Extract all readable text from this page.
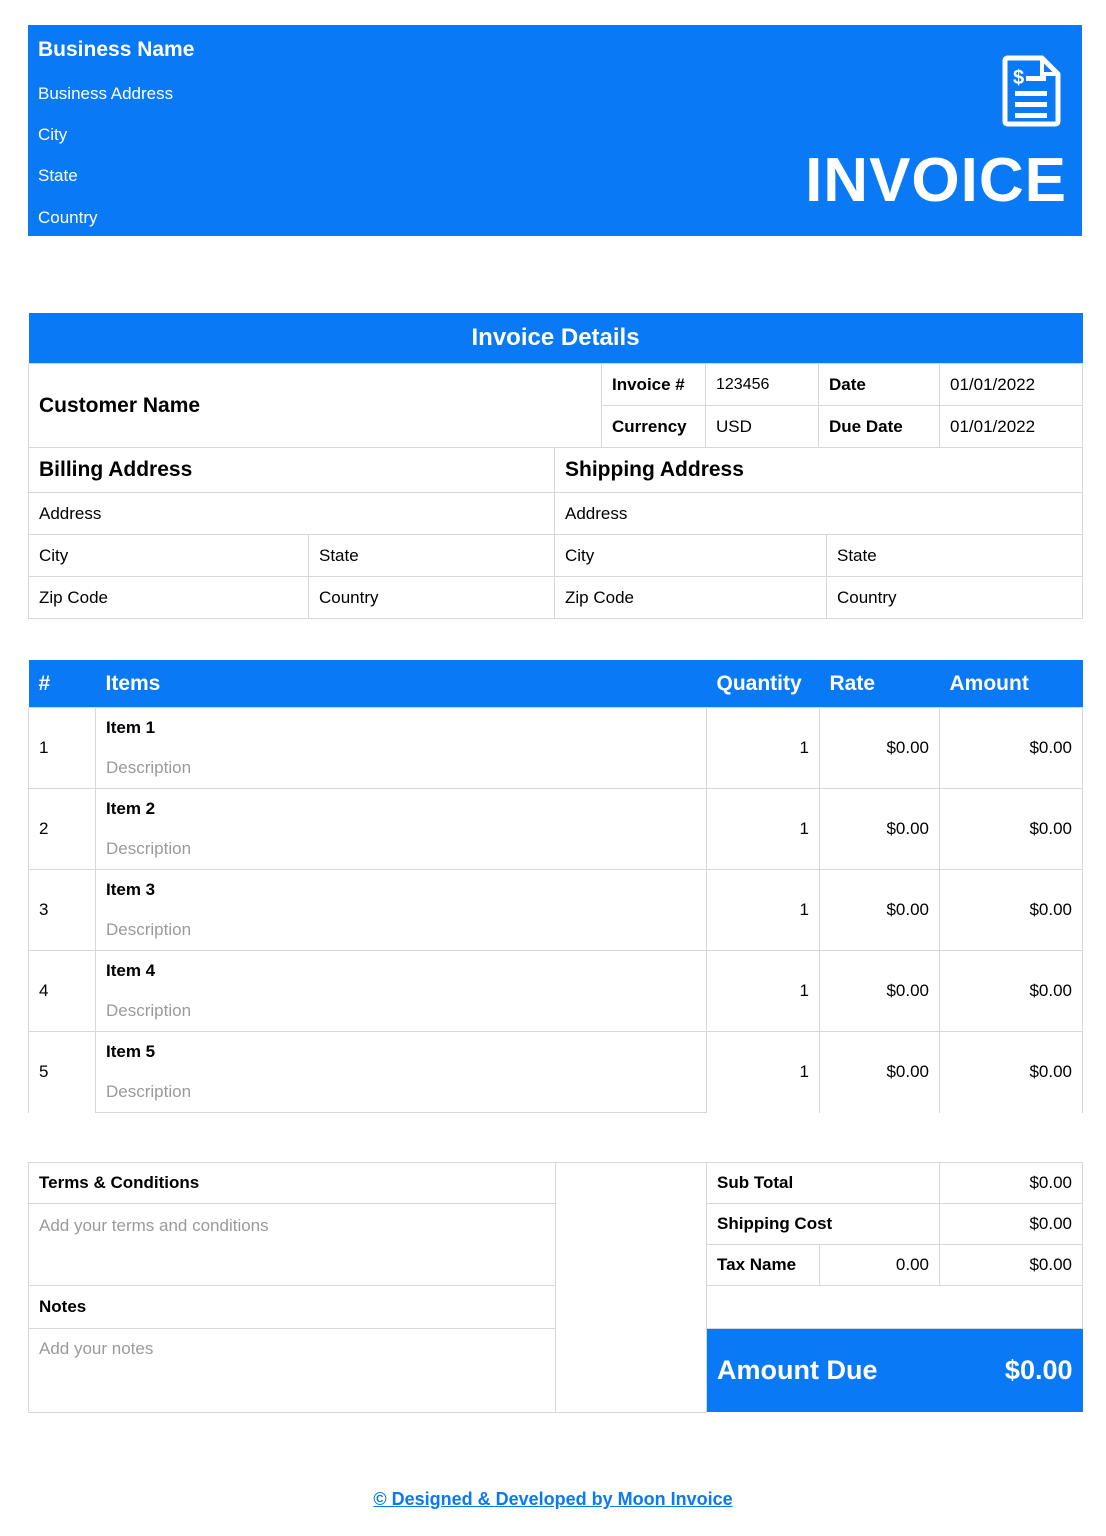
Business Name
Business Address
City
State
Country
$
INVOICE
Invoice Details							
Customer Name			Invoice #	123456	Date		01/01/2022
			Currency	USD	Due Date		01/01/2022
Billing Address		Shipping Address					
Address		Address					
City	State	City				State	
Zip Code	Country	Zip Code				Country	
#	Items	Quantity	Rate	Amount
1	Item 1	1	$0.00	$0.00
	Description			
2	Item 2	1	$0.00	$0.00
	Description			
3	Item 3	1	$0.00	$0.00
	Description			
4	Item 4	1	$0.00	$0.00
	Description			
5	Item 5	1	$0.00	$0.00
	Description			
Terms & Conditions		Sub Total		$0.00
Add your terms and conditions		Shipping Cost		$0.00
		Tax Name	0.00	$0.00
Notes				
Add your notes		Amount Due		$0.00
© Designed & Developed by Moon Invoice
